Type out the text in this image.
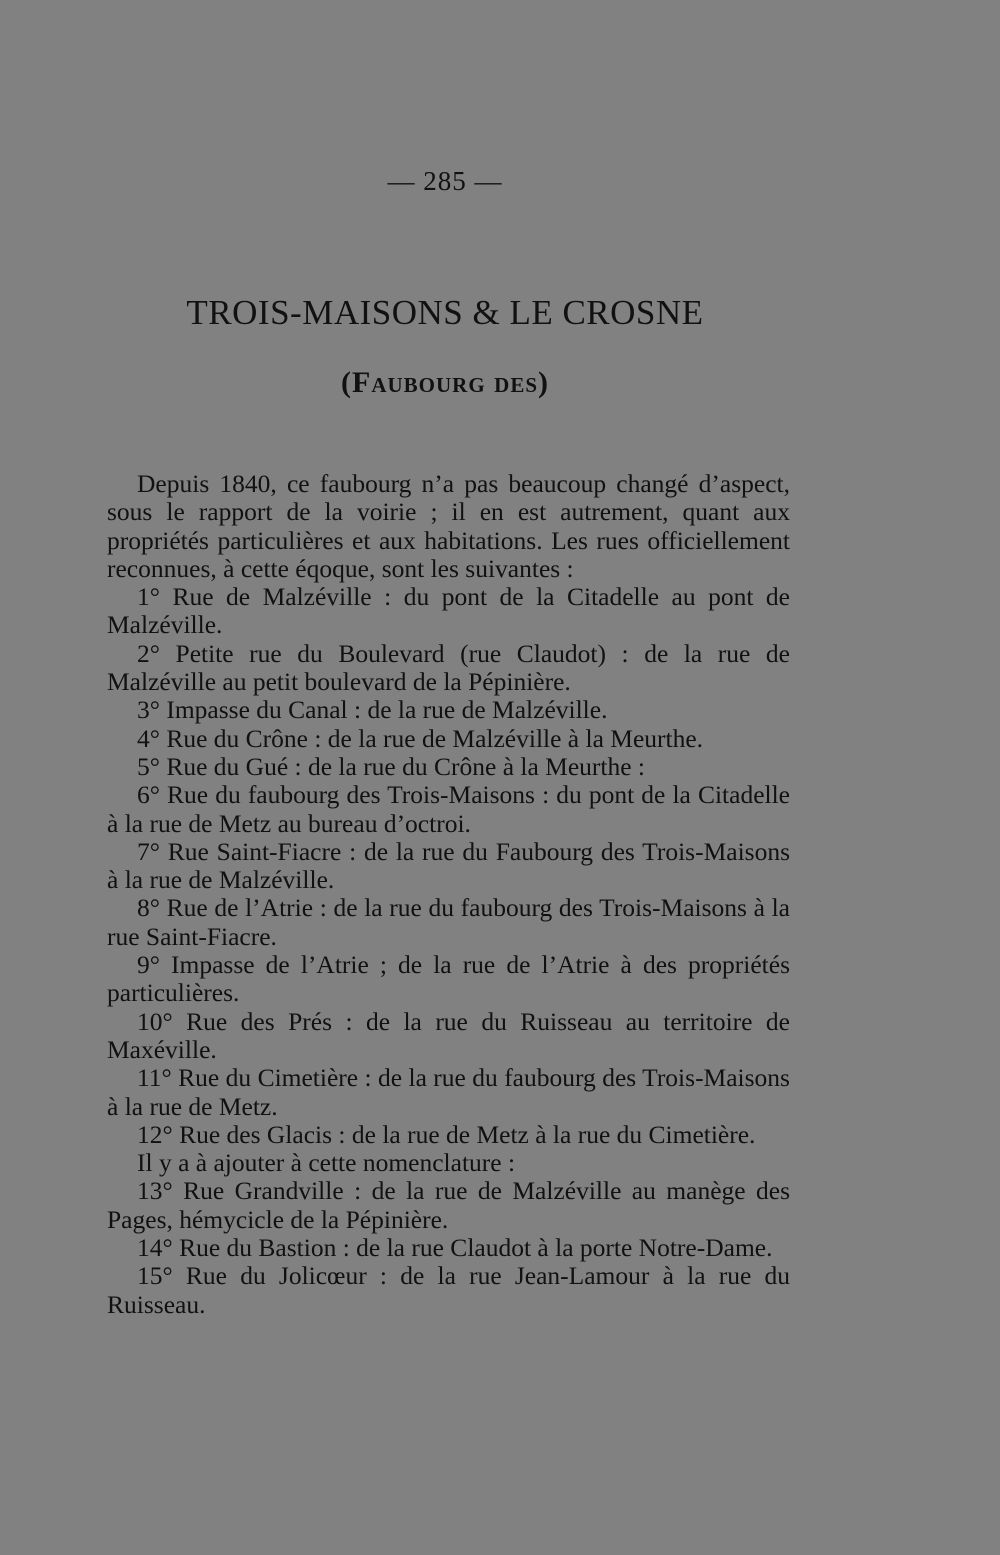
— 285 —
TROIS-MAISONS & LE CROSNE
(Faubourg des)

Depuis 1840, ce faubourg n’a pas beaucoup changé d’aspect, sous le rapport de la voirie ; il en est autrement, quant aux propriétés particulières et aux habitations. Les rues officiellement reconnues, à cette éqoque, sont les suivantes :

1° Rue de Malzéville : du pont de la Citadelle au pont de Malzéville.

2° Petite rue du Boulevard (rue Claudot) : de la rue de Malzéville au petit boulevard de la Pépinière.

3° Impasse du Canal : de la rue de Malzéville.

4° Rue du Crône : de la rue de Malzéville à la Meurthe.

5° Rue du Gué : de la rue du Crône à la Meurthe :

6° Rue du faubourg des Trois-Maisons : du pont de la Citadelle à la rue de Metz au bureau d’octroi.

7° Rue Saint-Fiacre : de la rue du Faubourg des Trois-Maisons à la rue de Malzéville.

8° Rue de l’Atrie : de la rue du faubourg des Trois-Maisons à la rue Saint-Fiacre.

9° Impasse de l’Atrie ; de la rue de l’Atrie à des propriétés particulières.

10° Rue des Prés : de la rue du Ruisseau au territoire de Maxéville.

11° Rue du Cimetière : de la rue du faubourg des Trois-Maisons à la rue de Metz.

12° Rue des Glacis : de la rue de Metz à la rue du Cimetière.

Il y a à ajouter à cette nomenclature :

13° Rue Grandville : de la rue de Malzéville au manège des Pages, hémycicle de la Pépinière.

14° Rue du Bastion : de la rue Claudot à la porte Notre-Dame.

15° Rue du Jolicœur : de la rue Jean-Lamour à la rue du Ruisseau.
